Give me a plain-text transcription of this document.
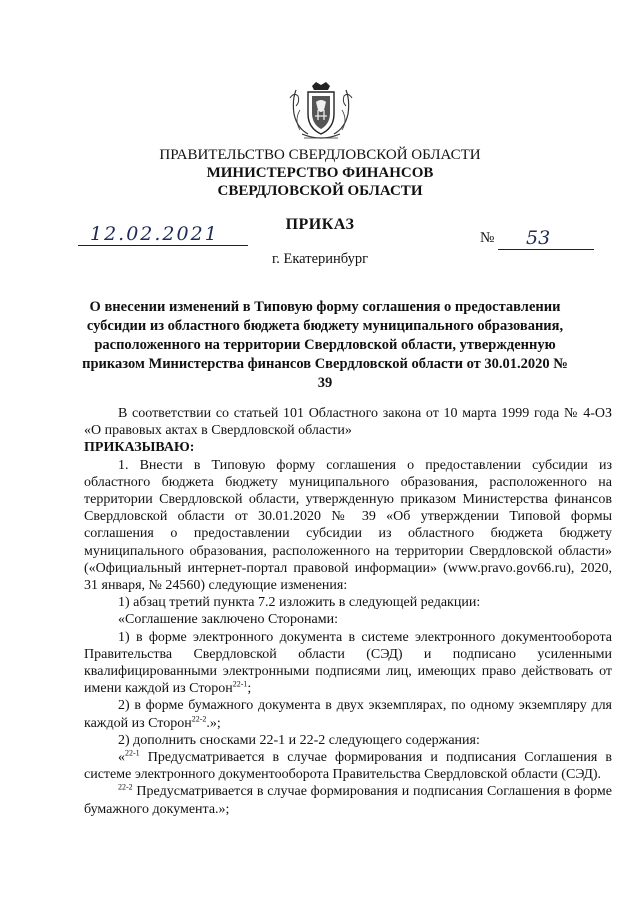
ПРАВИТЕЛЬСТВО СВЕРДЛОВСКОЙ ОБЛАСТИ
МИНИСТЕРСТВО ФИНАНСОВ
СВЕРДЛОВСКОЙ ОБЛАСТИ
ПРИКАЗ
12.02.2021	№	53
г. Екатеринбург
О внесении изменений в Типовую форму соглашения о предоставлении субсидии из областного бюджета бюджету муниципального образования, расположенного на территории Свердловской области, утвержденную приказом Министерства финансов Свердловской области от 30.01.2020 № 39

В соответствии со статьей 101 Областного закона от 10 марта 1999 года № 4-ОЗ «О правовых актах в Свердловской области»

ПРИКАЗЫВАЮ:

1. Внести в Типовую форму соглашения о предоставлении субсидии из областного бюджета бюджету муниципального образования, расположенного на территории Свердловской области, утвержденную приказом Министерства финансов Свердловской области от 30.01.2020 № 39 «Об утверждении Типовой формы соглашения о предоставлении субсидии из областного бюджета бюджету муниципального образования, расположенного на территории Свердловской области» («Официальный интернет-портал правовой информации» (www.pravo.gov66.ru), 2020, 31 января, № 24560) следующие изменения:

1) абзац третий пункта 7.2 изложить в следующей редакции:

«Соглашение заключено Сторонами:

1) в форме электронного документа в системе электронного документооборота Правительства Свердловской области (СЭД) и подписано усиленными квалифицированными электронными подписями лиц, имеющих право действовать от имени каждой из Сторон$^{22-1}$;

2) в форме бумажного документа в двух экземплярах, по одному экземпляру для каждой из Сторон$^{22-2}$.»;

2) дополнить сносками 22-1 и 22-2 следующего содержания:

«$^{22-1}$ Предусматривается в случае формирования и подписания Соглашения в системе электронного документооборота Правительства Свердловской области (СЭД).

$^{22-2}$ Предусматривается в случае формирования и подписания Соглашения в форме бумажного документа.»;
